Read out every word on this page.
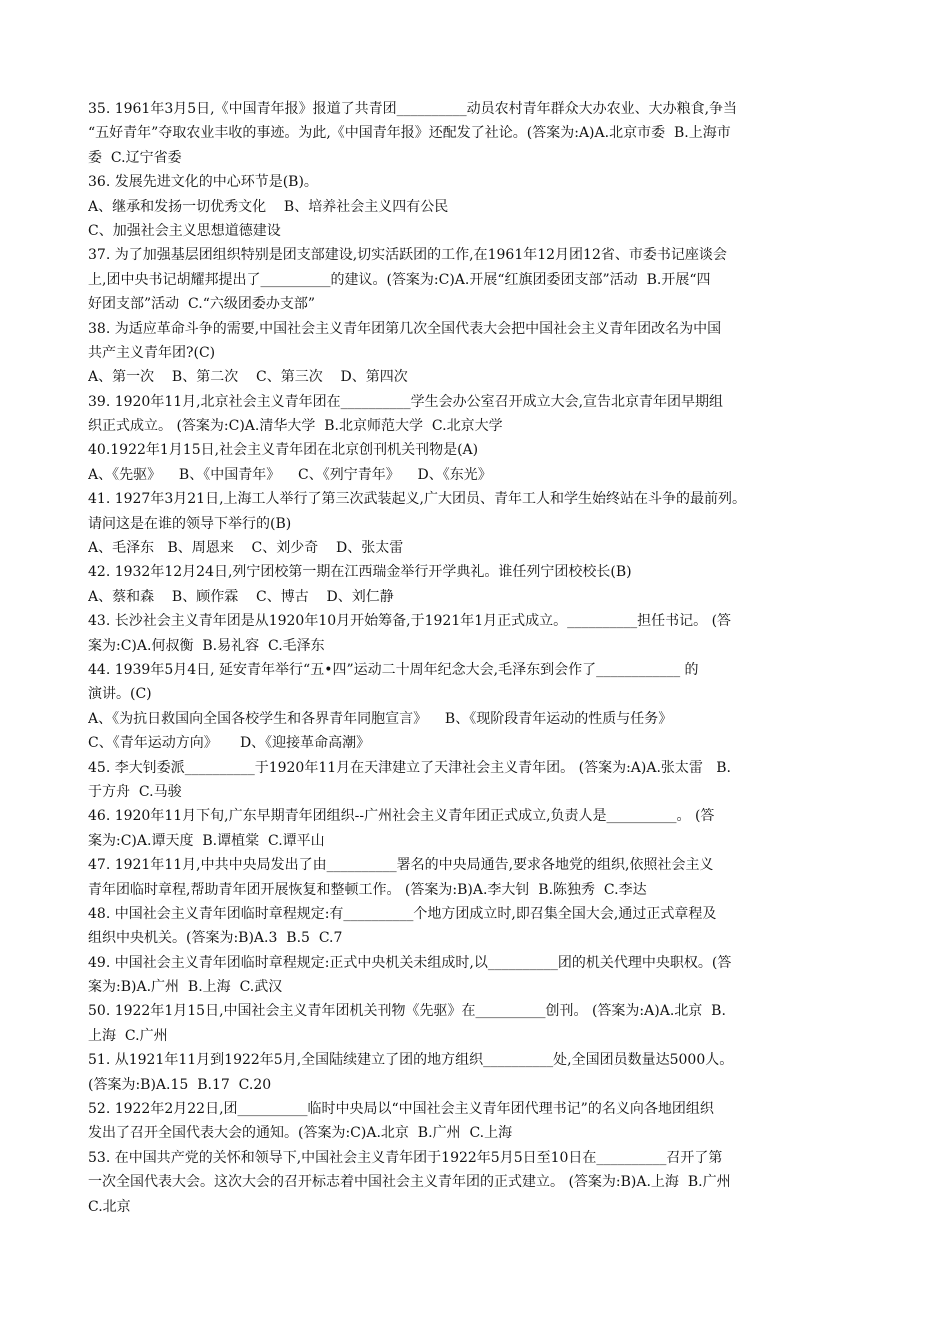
35. 1961年3月5日,《中国青年报》报道了共青团__________动员农村青年群众大办农业、大办粮食,争当
“五好青年”夺取农业丰收的事迹。为此,《中国青年报》还配发了社论。(答案为:A)A.北京市委  B.上海市
委  C.辽宁省委
36. 发展先进文化的中心环节是(B)。
A、继承和发扬一切优秀文化    B、培养社会主义四有公民
C、加强社会主义思想道德建设
37. 为了加强基层团组织特别是团支部建设,切实活跃团的工作,在1961年12月团12省、市委书记座谈会
上,团中央书记胡耀邦提出了__________的建议。(答案为:C)A.开展“红旗团委团支部”活动  B.开展“四
好团支部”活动  C.“六级团委办支部”
38. 为适应革命斗争的需要,中国社会主义青年团第几次全国代表大会把中国社会主义青年团改名为中国
共产主义青年团?(C)
A、第一次    B、第二次    C、第三次    D、第四次
39. 1920年11月,北京社会主义青年团在__________学生会办公室召开成立大会,宣告北京青年团早期组
织正式成立。 (答案为:C)A.清华大学  B.北京师范大学  C.北京大学
40.1922年1月15日,社会主义青年团在北京创刊机关刊物是(A)
A、《先驱》    B、《中国青年》    C、《列宁青年》    D、《东光》
41. 1927年3月21日,上海工人举行了第三次武装起义,广大团员、青年工人和学生始终站在斗争的最前列。
请问这是在谁的领导下举行的(B)
A、毛泽东   B、周恩来    C、刘少奇    D、张太雷
42. 1932年12月24日,列宁团校第一期在江西瑞金举行开学典礼。谁任列宁团校校长(B)
A、蔡和森    B、顾作霖    C、博古    D、刘仁静
43. 长沙社会主义青年团是从1920年10月开始筹备,于1921年1月正式成立。__________担任书记。 (答
案为:C)A.何叔衡  B.易礼容  C.毛泽东
44. 1939年5月4日, 延安青年举行“五•四”运动二十周年纪念大会,毛泽东到会作了____________ 的
演讲。(C)
A、《为抗日救国向全国各校学生和各界青年同胞宣言》    B、《现阶段青年运动的性质与任务》
C、《青年运动方向》     D、《迎接革命高潮》
45. 李大钊委派__________于1920年11月在天津建立了天津社会主义青年团。 (答案为:A)A.张太雷   B.
于方舟  C.马骏
46. 1920年11月下旬,广东早期青年团组织--广州社会主义青年团正式成立,负责人是__________。 (答
案为:C)A.谭天度  B.谭植棠  C.谭平山
47. 1921年11月,中共中央局发出了由__________署名的中央局通告,要求各地党的组织,依照社会主义
青年团临时章程,帮助青年团开展恢复和整顿工作。 (答案为:B)A.李大钊  B.陈独秀  C.李达
48. 中国社会主义青年团临时章程规定:有__________个地方团成立时,即召集全国大会,通过正式章程及
组织中央机关。(答案为:B)A.3  B.5  C.7
49. 中国社会主义青年团临时章程规定:正式中央机关未组成时,以__________团的机关代理中央职权。(答
案为:B)A.广州  B.上海  C.武汉
50. 1922年1月15日,中国社会主义青年团机关刊物《先驱》在__________创刊。 (答案为:A)A.北京  B.
上海  C.广州
51. 从1921年11月到1922年5月,全国陆续建立了团的地方组织__________处,全国团员数量达5000人。
(答案为:B)A.15  B.17  C.20
52. 1922年2月22日,团__________临时中央局以“中国社会主义青年团代理书记”的名义向各地团组织
发出了召开全国代表大会的通知。(答案为:C)A.北京  B.广州  C.上海
53. 在中国共产党的关怀和领导下,中国社会主义青年团于1922年5月5日至10日在__________召开了第
一次全国代表大会。这次大会的召开标志着中国社会主义青年团的正式建立。 (答案为:B)A.上海  B.广州
C.北京
